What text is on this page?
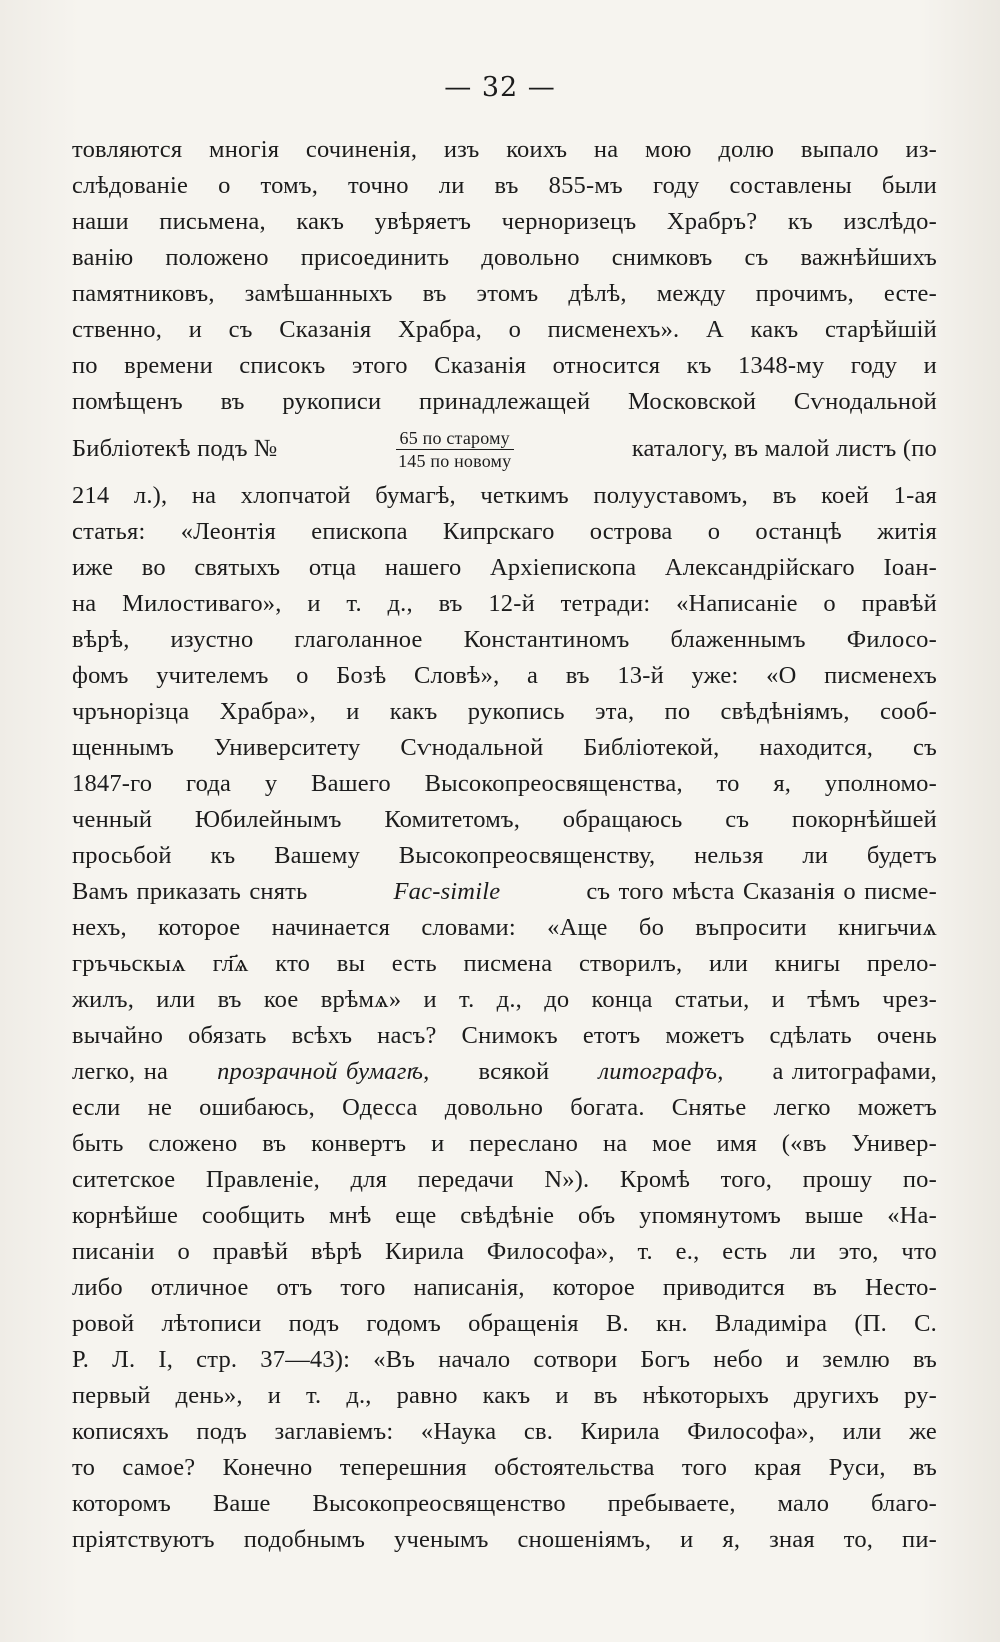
— 32 —
товляются многія сочиненія, изъ коихъ на мою долю выпало из-
слѣдованіе о томъ, точно ли въ 855-мъ году составлены были
наши письмена, какъ увѣряетъ черноризецъ Храбръ? къ изслѣдо-
ванію положено присоединить довольно снимковъ съ важнѣйшихъ
памятниковъ, замѣшанныхъ въ этомъ дѣлѣ, между прочимъ, есте-
ственно, и съ Сказанія Храбра, о писменехъ». А какъ старѣйшій
по времени списокъ этого Сказанія относится къ 1348-му году и
помѣщенъ въ рукописи принадлежащей Московской Сѵнодальной
Библіотекѣ подъ №	$\frac{\text{65 по старому}}{\text{145 по новому}}$	каталогу, въ малой листъ (по
214 л.), на хлопчатой бумагѣ, четкимъ полууставомъ, въ коей 1-ая
статья: «Леонтія епископа Кипрскаго острова о останцѣ житія
иже во святыхъ отца нашего Архіепископа Александрійскаго Іоан-
на Милостиваго», и т. д., въ 12-й тетради: «Написаніе о правѣй
вѣрѣ, изустно глаголанное Константиномъ блаженнымъ Филосо-
фомъ учителемъ о Бозѣ Словѣ», а въ 13-й уже: «О писменехъ
чрънорізца Храбра», и какъ рукопись эта, по свѣдѣніямъ, сооб-
щеннымъ Университету Сѵнодальной Библіотекой, находится, съ
1847-го года у Вашего Высокопреосвященства, то я, уполномо-
ченный Юбилейнымъ Комитетомъ, обращаюсь съ покорнѣйшей
просьбой къ Вашему Высокопреосвященству, нельзя ли будетъ
Вамъ приказать снять	Fac-simile	съ того мѣста Сказанія о писме-
нехъ, которое начинается словами: «Аще бо въпросити книгьчиѧ
гръчьскыѧ гл҃ѧ кто вы есть писмена створилъ, или книгы прело-
жилъ, или въ кое врѣмѧ» и т. д., до конца статьи, и тѣмъ чрез-
вычайно обязать всѣхъ насъ? Снимокъ етотъ можетъ сдѣлать очень
легко, на прозрачной бумагѣ, всякой литографъ, а литографами,
если не ошибаюсь, Одесса довольно богата. Снятье легко можетъ
быть сложено въ конвертъ и переслано на мое имя («въ Универ-
ситетское Правленіе, для передачи N»). Кромѣ того, прошу по-
корнѣйше сообщить мнѣ еще свѣдѣніе объ упомянутомъ выше «На-
писаніи о правѣй вѣрѣ Кирила Философа», т. е., есть ли это, что
либо отличное отъ того написанія, которое приводится въ Несто-
ровой лѣтописи подъ годомъ обращенія В. кн. Владиміра (П. С.
Р. Л. I, стр. 37—43): «Въ начало сотвори Богъ небо и землю въ
первый день», и т. д., равно какъ и въ нѣкоторыхъ другихъ ру-
кописяхъ подъ заглавіемъ: «Наука св. Кирила Философа», или же
то самое? Конечно теперешния обстоятельства того края Руси, въ
которомъ Ваше Высокопреосвященство пребываете, мало благо-
пріятствуютъ подобнымъ ученымъ сношеніямъ, и я, зная то, пи-
